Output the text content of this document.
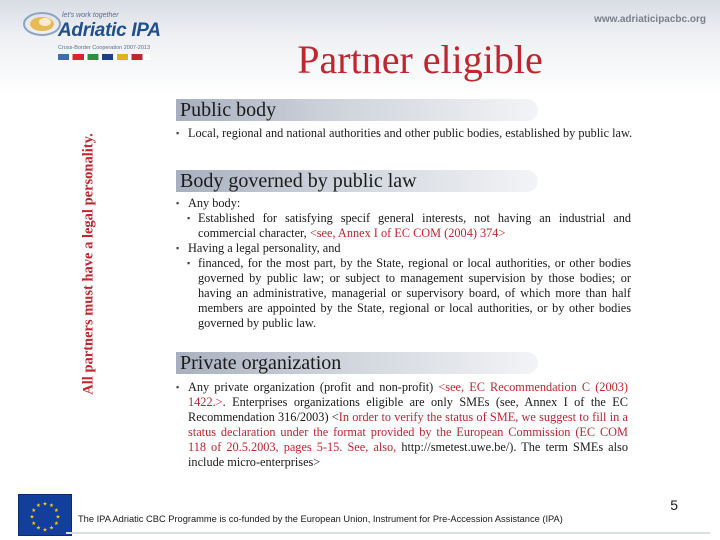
let's work together
Adriatic IPA
Cross-Border Cooperation 2007-2013
www.adriaticipacbc.org
Partner eligible
All partners must have a legal personality.
Public body
▪ Local, regional and national authorities and other public bodies, established by public law.
Body governed by public law
▪ Any body:
▪ Established for satisfying specif general interests, not having an industrial and commercial character, <see, Annex I of EC COM (2004) 374>
▪ Having a legal personality, and
▪ financed, for the most part, by the State, regional or local authorities, or other bodies governed by public law; or subject to management supervision by those bodies; or having an administrative, managerial or supervisory board, of which more than half members are appointed by the State, regional or local authorities, or by other bodies governed by public law.
Private organization
▪ Any private organization (profit and non-profit) <see, EC Recommendation C (2003) 1422.>. Enterprises organizations eligible are only SMEs (see, Annex I of the EC Recommendation 316/2003) <In order to verify the status of SME, we suggest to fill in a status declaration under the format provided by the European Commission (EC COM 118 of 20.5.2003, pages 5-15. See, also, http://smetest.uwe.be/). The term SMEs also include micro-enterprises>
★ ★
★
★
★
★
★
★
★
★
★
★
The IPA Adriatic CBC Programme is co-funded by the European Union, Instrument for Pre-Accession Assistance (IPA)
5
